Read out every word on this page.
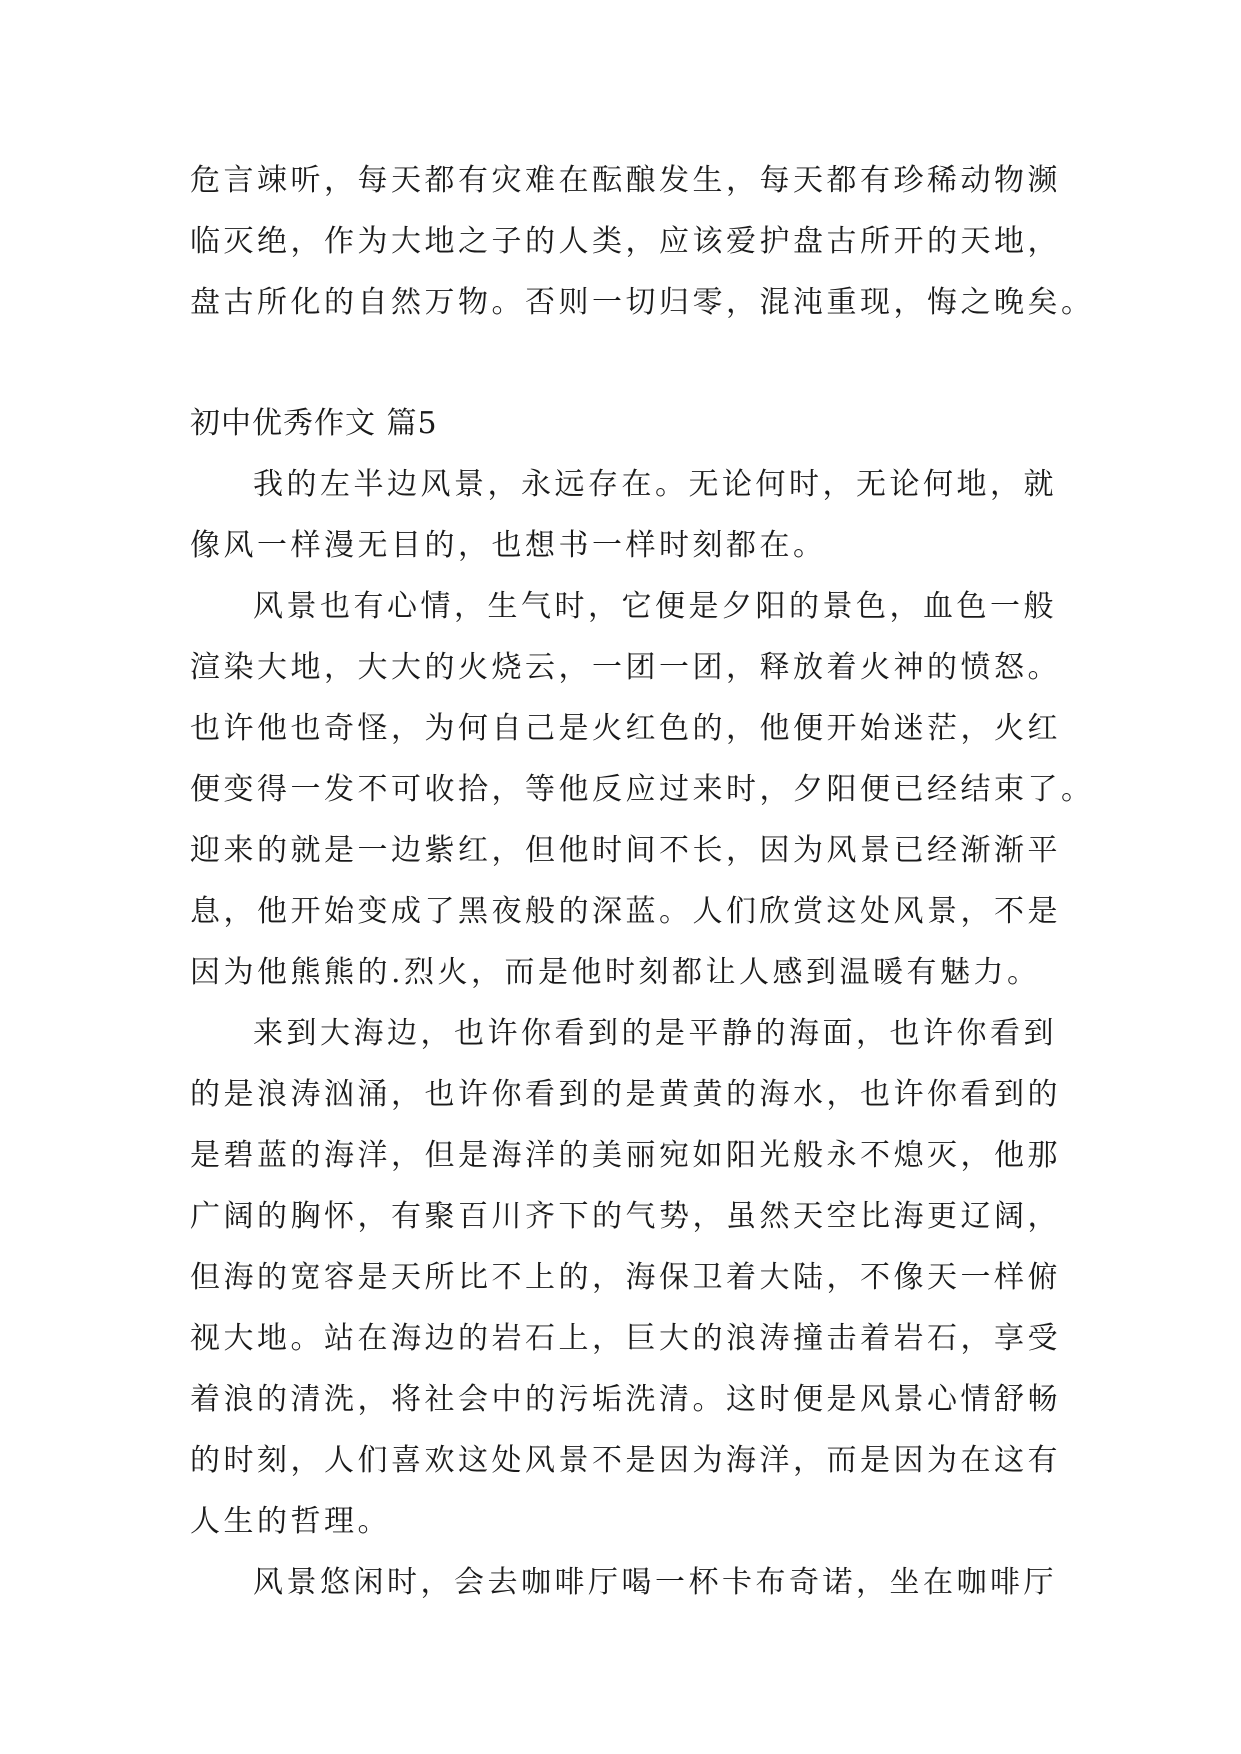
危言竦听，每天都有灾难在酝酿发生，每天都有珍稀动物濒
临灭绝，作为大地之子的人类，应该爱护盘古所开的天地，
盘古所化的自然万物。否则一切归零，混沌重现，悔之晚矣。
初中优秀作文 篇5
我的左半边风景，永远存在。无论何时，无论何地，就
像风一样漫无目的，也想书一样时刻都在。
风景也有心情，生气时，它便是夕阳的景色，血色一般
渲染大地，大大的火烧云，一团一团，释放着火神的愤怒。
也许他也奇怪，为何自己是火红色的，他便开始迷茫，火红
便变得一发不可收拾，等他反应过来时，夕阳便已经结束了。
迎来的就是一边紫红，但他时间不长，因为风景已经渐渐平
息，他开始变成了黑夜般的深蓝。人们欣赏这处风景，不是
因为他熊熊的.烈火，而是他时刻都让人感到温暖有魅力。
来到大海边，也许你看到的是平静的海面，也许你看到
的是浪涛汹涌，也许你看到的是黄黄的海水，也许你看到的
是碧蓝的海洋，但是海洋的美丽宛如阳光般永不熄灭，他那
广阔的胸怀，有聚百川齐下的气势，虽然天空比海更辽阔，
但海的宽容是天所比不上的，海保卫着大陆，不像天一样俯
视大地。站在海边的岩石上，巨大的浪涛撞击着岩石，享受
着浪的清洗，将社会中的污垢洗清。这时便是风景心情舒畅
的时刻，人们喜欢这处风景不是因为海洋，而是因为在这有
人生的哲理。
风景悠闲时，会去咖啡厅喝一杯卡布奇诺，坐在咖啡厅
